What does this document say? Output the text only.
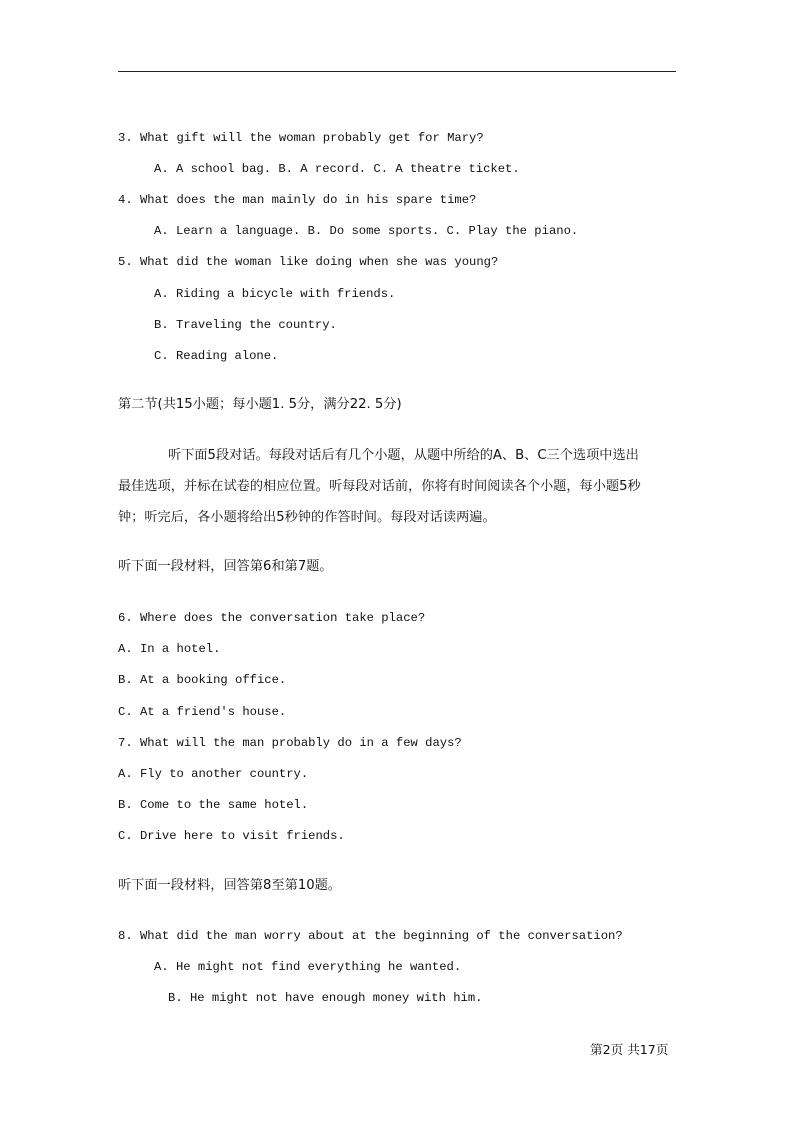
3. What gift will the woman probably get for Mary?
A. A school bag. B. A record. C. A theatre ticket.
4. What does the man mainly do in his spare time?
A. Learn a language. B. Do some sports. C. Play the piano.
5. What did the woman like doing when she was young?
A. Riding a bicycle with friends.
B. Traveling the country.
C. Reading alone.
第二节(共15小题；每小题1. 5分，满分22. 5分)
听下面5段对话。每段对话后有几个小题，从题中所给的A、B、C三个选项中选出
最佳选项，并标在试卷的相应位置。听每段对话前，你将有时间阅读各个小题，每小题5秒
钟；听完后，各小题将给出5秒钟的作答时间。每段对话读两遍。
听下面一段材料，回答第6和第7题。
6. Where does the conversation take place?
A. In a hotel.
B. At a booking office.
C. At a friend's house.
7. What will the man probably do in a few days?
A. Fly to another country.
B. Come to the same hotel.
C. Drive here to visit friends.
听下面一段材料，回答第8至第10题。
8. What did the man worry about at the beginning of the conversation?
A. He might not find everything he wanted.
B. He might not have enough money with him.
第2页 共17页
